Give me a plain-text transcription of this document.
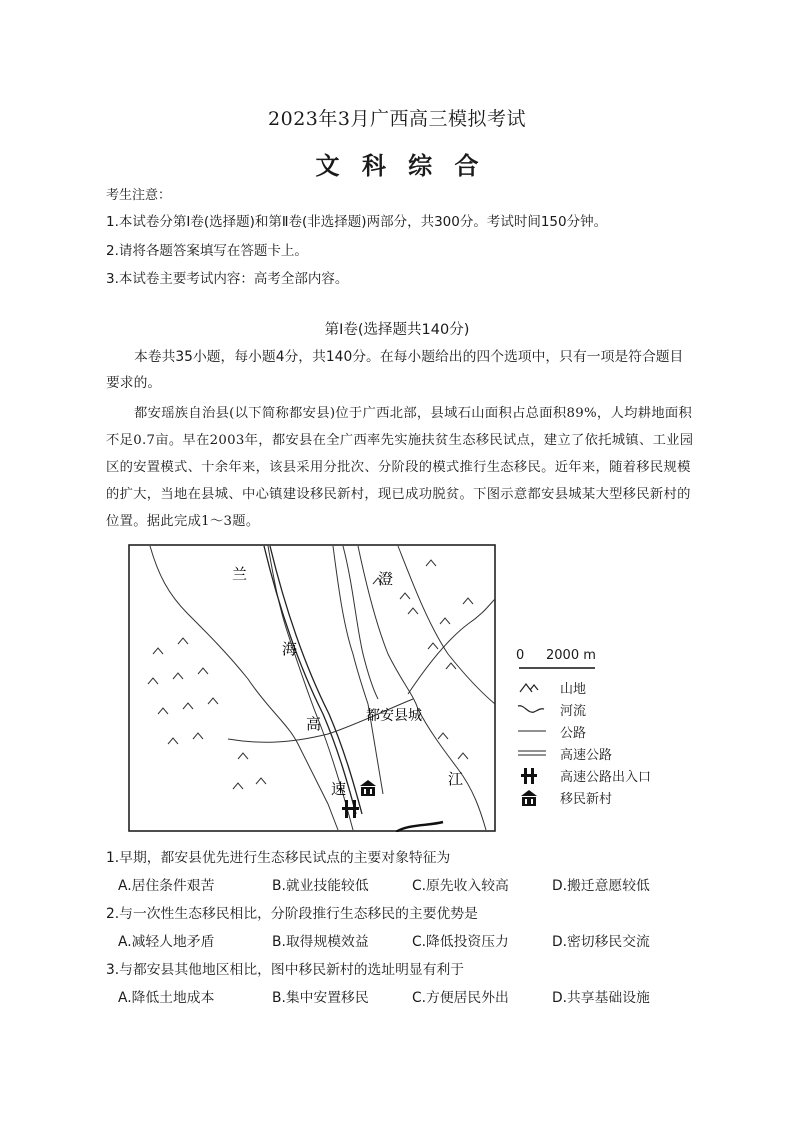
2023年3月广西高三模拟考试
文 科 综 合
考生注意：
1.本试卷分第Ⅰ卷(选择题)和第Ⅱ卷(非选择题)两部分，共300分。考试时间150分钟。
2.请将各题答案填写在答题卡上。
3.本试卷主要考试内容：高考全部内容。
第Ⅰ卷(选择题共140分)
本卷共35小题，每小题4分，共140分。在每小题给出的四个选项中，只有一项是符合题目要求的。
都安瑶族自治县(以下简称都安县)位于广西北部，县域石山面积占总面积89%，人均耕地面积不足0.7亩。早在2003年，都安县在全广西率先实施扶贫生态移民试点，建立了依托城镇、工业园区的安置模式、十余年来，该县采用分批次、分阶段的模式推行生态移民。近年来，随着移民规模的扩大，当地在县城、中心镇建设移民新村，现已成功脱贫。下图示意都安县城某大型移民新村的位置。据此完成1～3题。
兰
海
高
速
澄
江
都安县城
0 2000 m
山地
河流
公路
高速公路
高速公路出入口
移民新村
1.早期，都安县优先进行生态移民试点的主要对象特征为
A.居住条件艰苦	B.就业技能较低	C.原先收入较高	D.搬迁意愿较低
2.与一次性生态移民相比，分阶段推行生态移民的主要优势是
A.减轻人地矛盾	B.取得规模效益	C.降低投资压力	D.密切移民交流
3.与都安县其他地区相比，图中移民新村的选址明显有利于
A.降低土地成本	B.集中安置移民	C.方便居民外出	D.共享基础设施
